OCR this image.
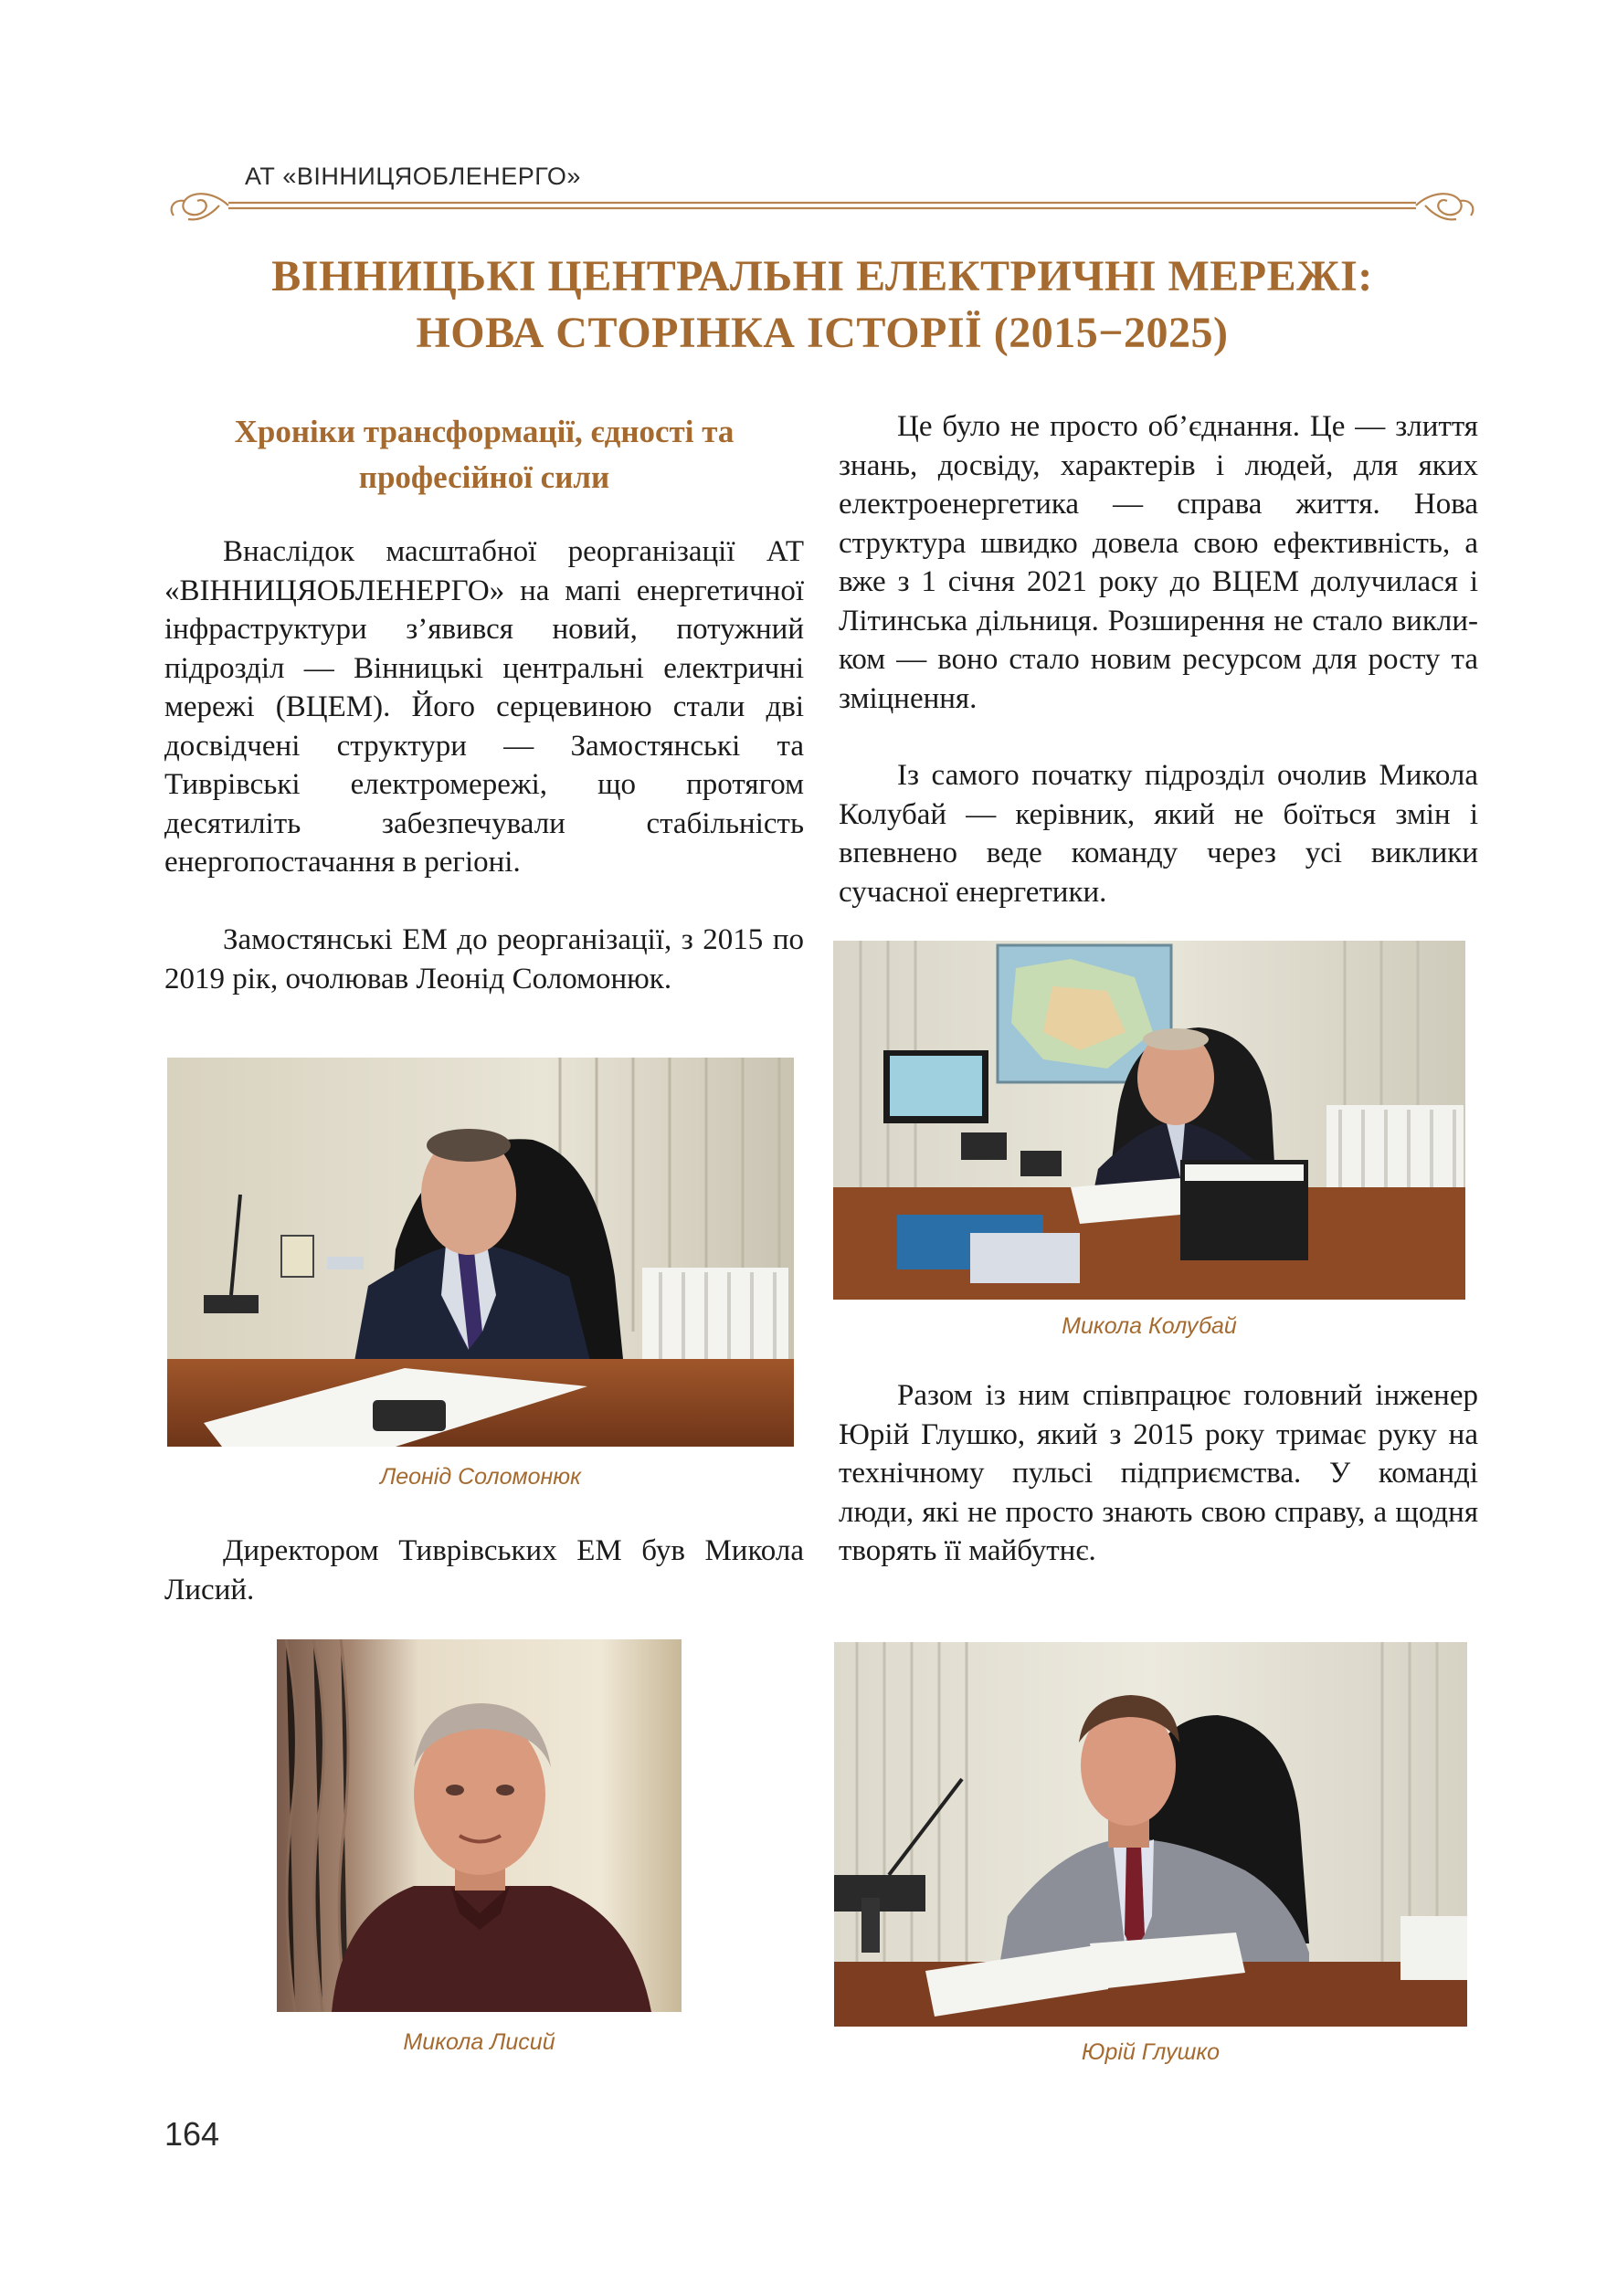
АТ «ВІННИЦЯОБЛЕНЕРГО»
ВІННИЦЬКІ ЦЕНТРАЛЬНІ ЕЛЕКТРИЧНІ МЕРЕЖІ:
НОВА СТОРІНКА ІСТОРІЇ (2015−2025)
Хроніки трансформації, єдності та професійної сили

Внаслідок масштабної реорганізації АТ «ВІННИЦЯОБЛЕНЕРГО» на мапі енергетичної інфраструктури з’явився новий, потужний підрозділ — Вінницькі центральні електричні мережі (ВЦЕМ). Його серцевиною стали дві досвідчені структури — Замостянські та Тиврівські електромережі, що протягом десятиліть забезпечували стабільність енергопостачання в регіоні.

Замостянські ЕМ до реорганізації, з 2015 по 2019 рік, очолював Леонід Соломонюк.

Леонід Соломонюк

Директором Тиврівських ЕМ був Микола Лисий.

Микола Лисий

Це було не просто об’єднання. Це — злиття знань, досвіду, характерів і людей, для яких електроенергетика — справа життя. Нова структура швидко довела свою ефективність, а вже з 1 січня 2021 року до ВЦЕМ долучилася і Літинська дільниця. Розширення не стало викликом — воно стало новим ресурсом для росту та зміцнення.

Із самого початку підрозділ очолив Микола Колубай — керівник, який не боїться змін і впевнено веде команду через усі виклики сучасної енергетики.

Микола Колубай

Разом із ним співпрацює головний інженер Юрій Глушко, який з 2015 року тримає руку на технічному пульсі підприємства. У команді люди, які не просто знають свою справу, а щодня творять її майбутнє.

Юрій Глушко
164
